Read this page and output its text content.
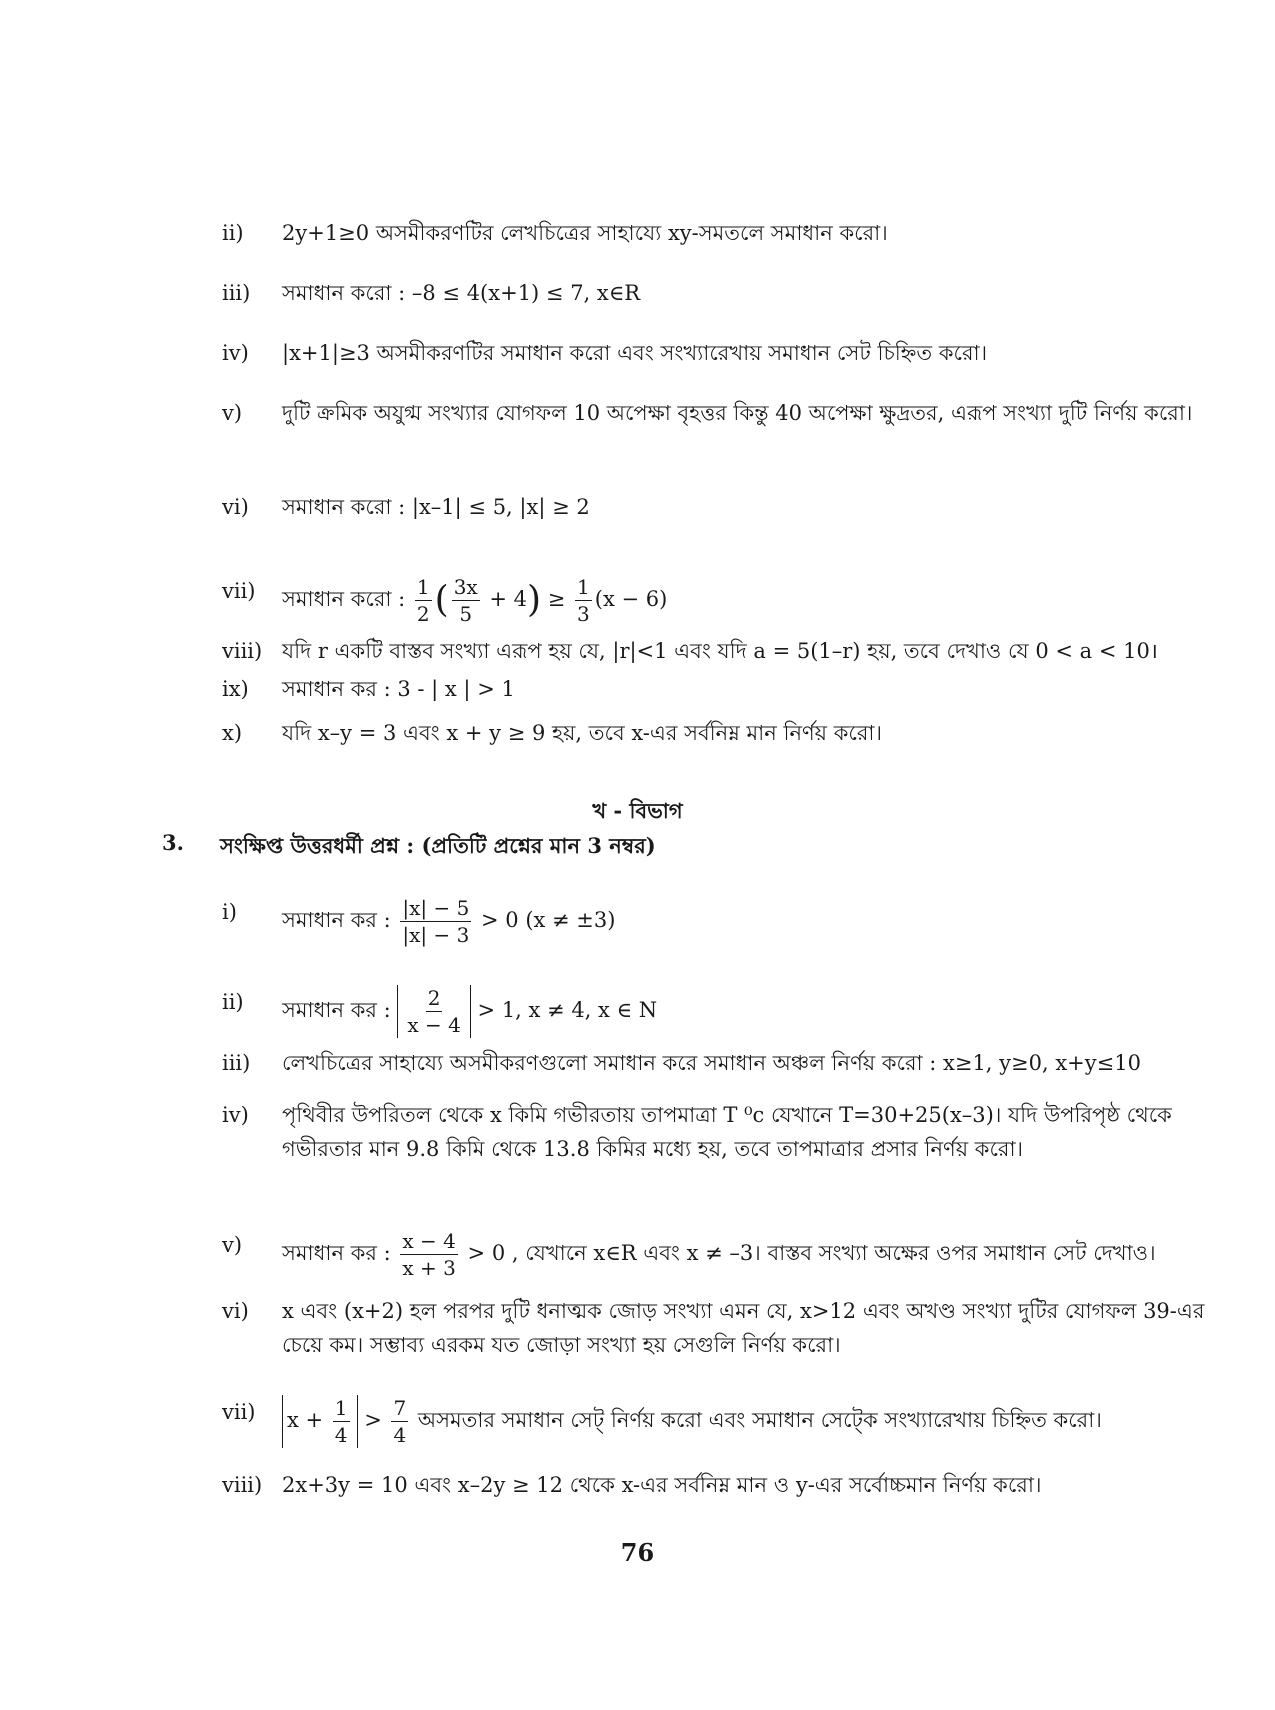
ii)	2y+1≥0 অসমীকরণটির লেখচিত্রের সাহায্যে xy-সমতলে সমাধান করো।
iii)	সমাধান করো : –8 ≤ 4(x+1) ≤ 7, x∈R
iv)	|x+1|≥3 অসমীকরণটির সমাধান করো এবং সংখ্যারেখায় সমাধান সেট চিহ্নিত করো।
v)	দুটি ক্রমিক অযুগ্ম সংখ্যার যোগফল 10 অপেক্ষা বৃহত্তর কিন্তু 40 অপেক্ষা ক্ষুদ্রতর, এরূপ সংখ্যা দুটি নির্ণয় করো।
vi)	সমাধান করো : |x–1| ≤ 5, |x| ≥ 2
vii)	সমাধান করো : $\frac{1}{2}$ ( $\frac{3x}{5} + 4) \ge \frac{1}{3} (x - 6)$
viii) যদি r একটি বাস্তব সংখ্যা এরূপ হয় যে, |r|<1 এবং যদি a = 5(1–r) হয়, তবে দেখাও যে 0 < a < 10।
ix)	সমাধান কর : 3 - | x | > 1
x)	যদি x–y = 3 এবং x + y ≥ 9 হয়, তবে x-এর সর্বনিম্ন মান নির্ণয় করো।
খ - বিভাগ
3. সংক্ষিপ্ত উত্তরধর্মী প্রশ্ন : (প্রতিটি প্রশ্নের মান 3 নম্বর)
i)	সমাধান কর : $\frac{|x| - 5}{|x| - 3} > 0$ (x ≠ ±3)
ii)	সমাধান কর : $\frac{2}{x - 4} > 1$, x ≠ 4, x ∈ N
iii)	লেখচিত্রের সাহায্যে অসমীকরণগুলো সমাধান করে সমাধান অঞ্চল নির্ণয় করো : x≥1, y≥0, x+y≤10
iv)	পৃথিবীর উপরিতল থেকে x কিমি গভীরতায় তাপমাত্রা T ⁰c যেখানে T=30+25(x–3)। যদি উপরিপৃষ্ঠ থেকে গভীরতার মান 9.8 কিমি থেকে 13.8 কিমির মধ্যে হয়, তবে তাপমাত্রার প্রসার নির্ণয় করো।
v)	সমাধান কর : $\frac{x - 4}{x + 3} > 0$ , যেখানে x∈R এবং x ≠ –3। বাস্তব সংখ্যা অক্ষের ওপর সমাধান সেট দেখাও।
vi)	x এবং (x+2) হল পরপর দুটি ধনাত্মক জোড় সংখ্যা এমন যে, x>12 এবং অখণ্ড সংখ্যা দুটির যোগফল 39-এর চেয়ে কম। সম্ভাব্য এরকম যত জোড়া সংখ্যা হয় সেগুলি নির্ণয় করো।
vii)	$x + \frac{1}{4} > \frac{7}{4}$ অসমতার সমাধান সেট্ নির্ণয় করো এবং সমাধান সেট্কে সংখ্যারেখায় চিহ্নিত করো।
viii) 2x+3y = 10 এবং x–2y ≥ 12 থেকে x-এর সর্বনিম্ন মান ও y-এর সর্বোচ্চমান নির্ণয় করো।
76
